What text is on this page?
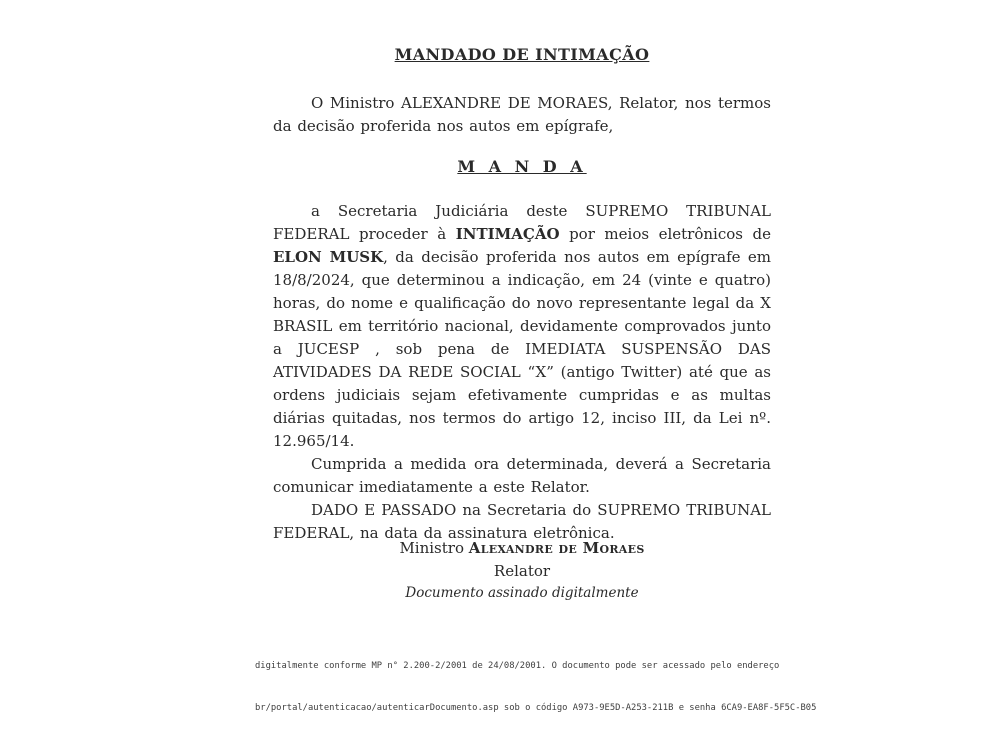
MANDADO DE INTIMAÇÃO

O Ministro ALEXANDRE DE MORAES, Relator, nos termos da decisão proferida nos autos em epígrafe,

M A N D A

a Secretaria Judiciária deste SUPREMO TRIBUNAL FEDERAL proceder à INTIMAÇÃO por meios eletrônicos de ELON MUSK, da decisão proferida nos autos em epígrafe em 18/8/2024, que determinou a indicação, em 24 (vinte e quatro) horas, do nome e qualificação do novo representante legal da X BRASIL em território nacional, devidamente comprovados junto a JUCESP , sob pena de IMEDIATA SUSPENSÃO DAS ATIVIDADES DA REDE SOCIAL “X” (antigo Twitter) até que as ordens judiciais sejam efetivamente cumpridas e as multas diárias quitadas, nos termos do artigo 12, inciso III, da Lei nº. 12.965/14.

Cumprida a medida ora determinada, deverá a Secretaria comunicar imediatamente a este Relator.

DADO E PASSADO na Secretaria do SUPREMO TRIBUNAL FEDERAL, na data da assinatura eletrônica.

Ministro Alexandre de Moraes
Relator
Documento assinado digitalmente

digitalmente conforme MP n° 2.200-2/2001 de 24/08/2001. O documento pode ser acessado pelo endereço

br/portal/autenticacao/autenticarDocumento.asp sob o código A973-9E5D-A253-211B e senha 6CA9-EA8F-5F5C-B05
